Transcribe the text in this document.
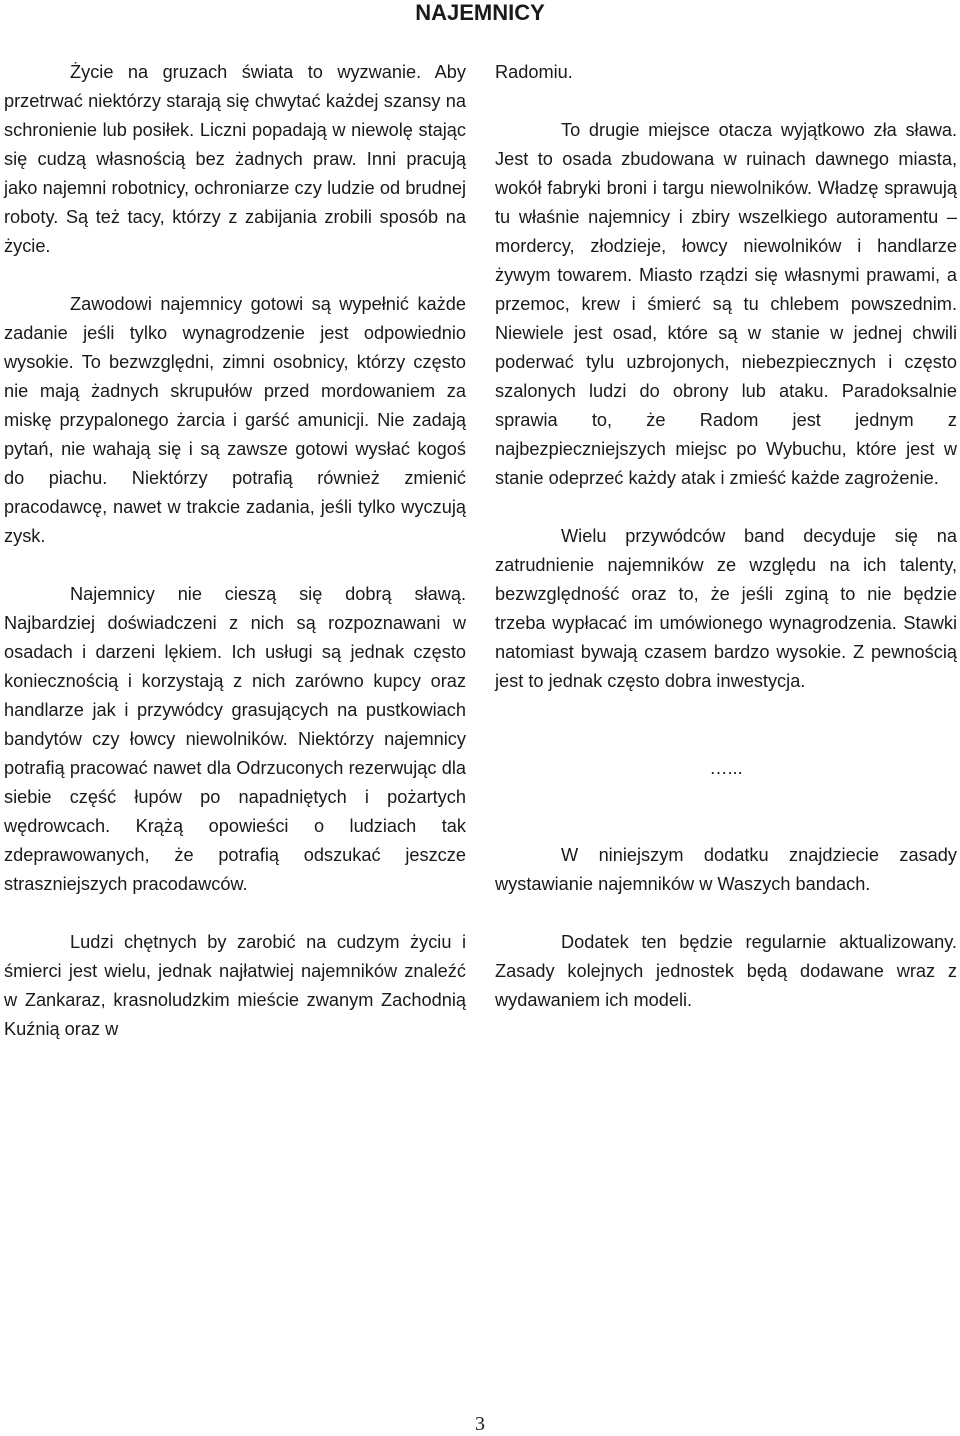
NAJEMNICY

Życie na gruzach świata to wyzwanie. Aby przetrwać niektórzy starają się chwytać każdej szansy na schronienie lub posiłek. Liczni popadają w niewolę stając się cudzą własnością bez żadnych praw. Inni pracują jako najemni robotnicy, ochroniarze czy ludzie od brudnej roboty. Są też tacy, którzy z zabijania zrobili sposób na życie.

Zawodowi najemnicy gotowi są wypełnić każde zadanie jeśli tylko wynagrodzenie jest odpowiednio wysokie. To bezwzględni, zimni osobnicy, którzy często nie mają żadnych skrupułów przed mordowaniem za miskę przypalonego żarcia i garść amunicji. Nie zadają pytań, nie wahają się i są zawsze gotowi wysłać kogoś do piachu. Niektórzy potrafią również zmienić pracodawcę, nawet w trakcie zadania, jeśli tylko wyczują zysk.

Najemnicy nie cieszą się dobrą sławą. Najbardziej doświadczeni z nich są rozpoznawani w osadach i darzeni lękiem. Ich usługi są jednak często koniecznością i korzystają z nich zarówno kupcy oraz handlarze jak i przywódcy grasujących na pustkowiach bandytów czy łowcy niewolników. Niektórzy najemnicy potrafią pracować nawet dla Odrzuconych rezerwując dla siebie część łupów po napadniętych i pożartych wędrowcach. Krążą opowieści o ludziach tak zdeprawowanych, że potrafią odszukać jeszcze straszniejszych pracodawców.

Ludzi chętnych by zarobić na cudzym życiu i śmierci jest wielu, jednak najłatwiej najemników znaleźć w Zankaraz, krasnoludzkim mieście zwanym Zachodnią Kuźnią oraz w

Radomiu.

To drugie miejsce otacza wyjątkowo zła sława. Jest to osada zbudowana w ruinach dawnego miasta, wokół fabryki broni i targu niewolników. Władzę sprawują tu właśnie najemnicy i zbiry wszelkiego autoramentu – mordercy, złodzieje, łowcy niewolników i handlarze żywym towarem. Miasto rządzi się własnymi prawami, a przemoc, krew i śmierć są tu chlebem powszednim. Niewiele jest osad, które są w stanie w jednej chwili poderwać tylu uzbrojonych, niebezpiecznych i często szalonych ludzi do obrony lub ataku. Paradoksalnie sprawia to, że Radom jest jednym z najbezpieczniejszych miejsc po Wybuchu, które jest w stanie odeprzeć każdy atak i zmieść każde zagrożenie.

Wielu przywódców band decyduje się na zatrudnienie najemników ze względu na ich talenty, bezwzględność oraz to, że jeśli zginą to nie będzie trzeba wypłacać im umówionego wynagrodzenia. Stawki natomiast bywają czasem bardzo wysokie. Z pewnością jest to jednak często dobra inwestycja.

…...

W niniejszym dodatku znajdziecie zasady wystawianie najemników w Waszych bandach.

Dodatek ten będzie regularnie aktualizowany. Zasady kolejnych jednostek będą dodawane wraz z wydawaniem ich modeli.

3
